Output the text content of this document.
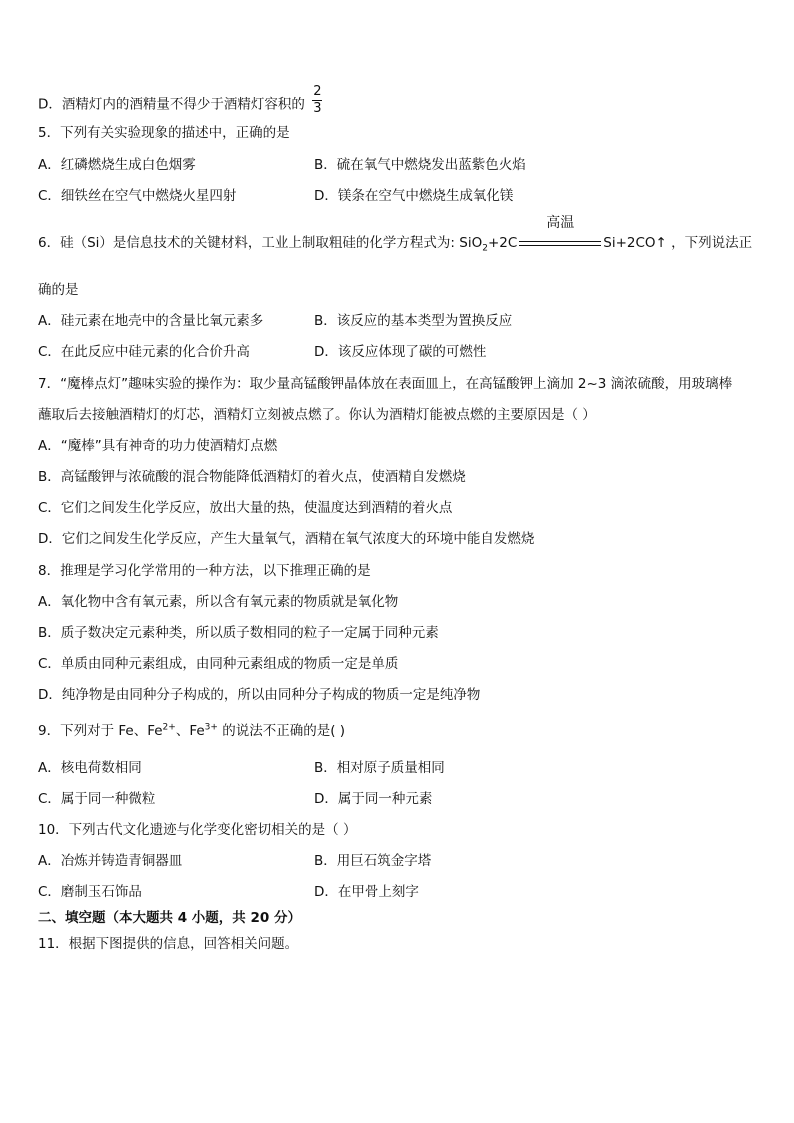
D．酒精灯内的酒精量不得少于酒精灯容积的 $\frac{2}{3}$
5．下列有关实验现象的描述中，正确的是
A．红磷燃烧生成白色烟雾	B．硫在氧气中燃烧发出蓝紫色火焰
C．细铁丝在空气中燃烧火星四射	D．镁条在空气中燃烧生成氧化镁
6．硅（Si）是信息技术的关键材料，工业上制取粗硅的化学方程式为: SiO$_2$+2C
高温
Si+2CO↑ ，下列说法正
确的是
A．硅元素在地壳中的含量比氧元素多	B．该反应的基本类型为置换反应
C．在此反应中硅元素的化合价升高	D．该反应体现了碳的可燃性
7．“魔棒点灯”趣味实验的操作为：取少量高锰酸钾晶体放在表面皿上，在高锰酸钾上滴加 2~3 滴浓硫酸，用玻璃棒
蘸取后去接触酒精灯的灯芯，酒精灯立刻被点燃了。你认为酒精灯能被点燃的主要原因是（ ）
A．“魔棒”具有神奇的功力使酒精灯点燃
B．高锰酸钾与浓硫酸的混合物能降低酒精灯的着火点，使酒精自发燃烧
C．它们之间发生化学反应，放出大量的热，使温度达到酒精的着火点
D．它们之间发生化学反应，产生大量氧气，酒精在氧气浓度大的环境中能自发燃烧
8．推理是学习化学常用的一种方法，以下推理正确的是
A．氧化物中含有氧元素，所以含有氧元素的物质就是氧化物
B．质子数决定元素种类，所以质子数相同的粒子一定属于同种元素
C．单质由同种元素组成，由同种元素组成的物质一定是单质
D．纯净物是由同种分子构成的，所以由同种分子构成的物质一定是纯净物
9．下列对于 Fe、$Fe^{2+}$、$Fe^{3+}$ 的说法不正确的是( )
A．核电荷数相同	B．相对原子质量相同
C．属于同一种微粒	D．属于同一种元素
10．下列古代文化遗迹与化学变化密切相关的是（ ）
A．冶炼并铸造青铜器皿	B．用巨石筑金字塔
C．磨制玉石饰品	D．在甲骨上刻字
二、填空题（本大题共 4 小题，共 20 分）
11．根据下图提供的信息，回答相关问题。
